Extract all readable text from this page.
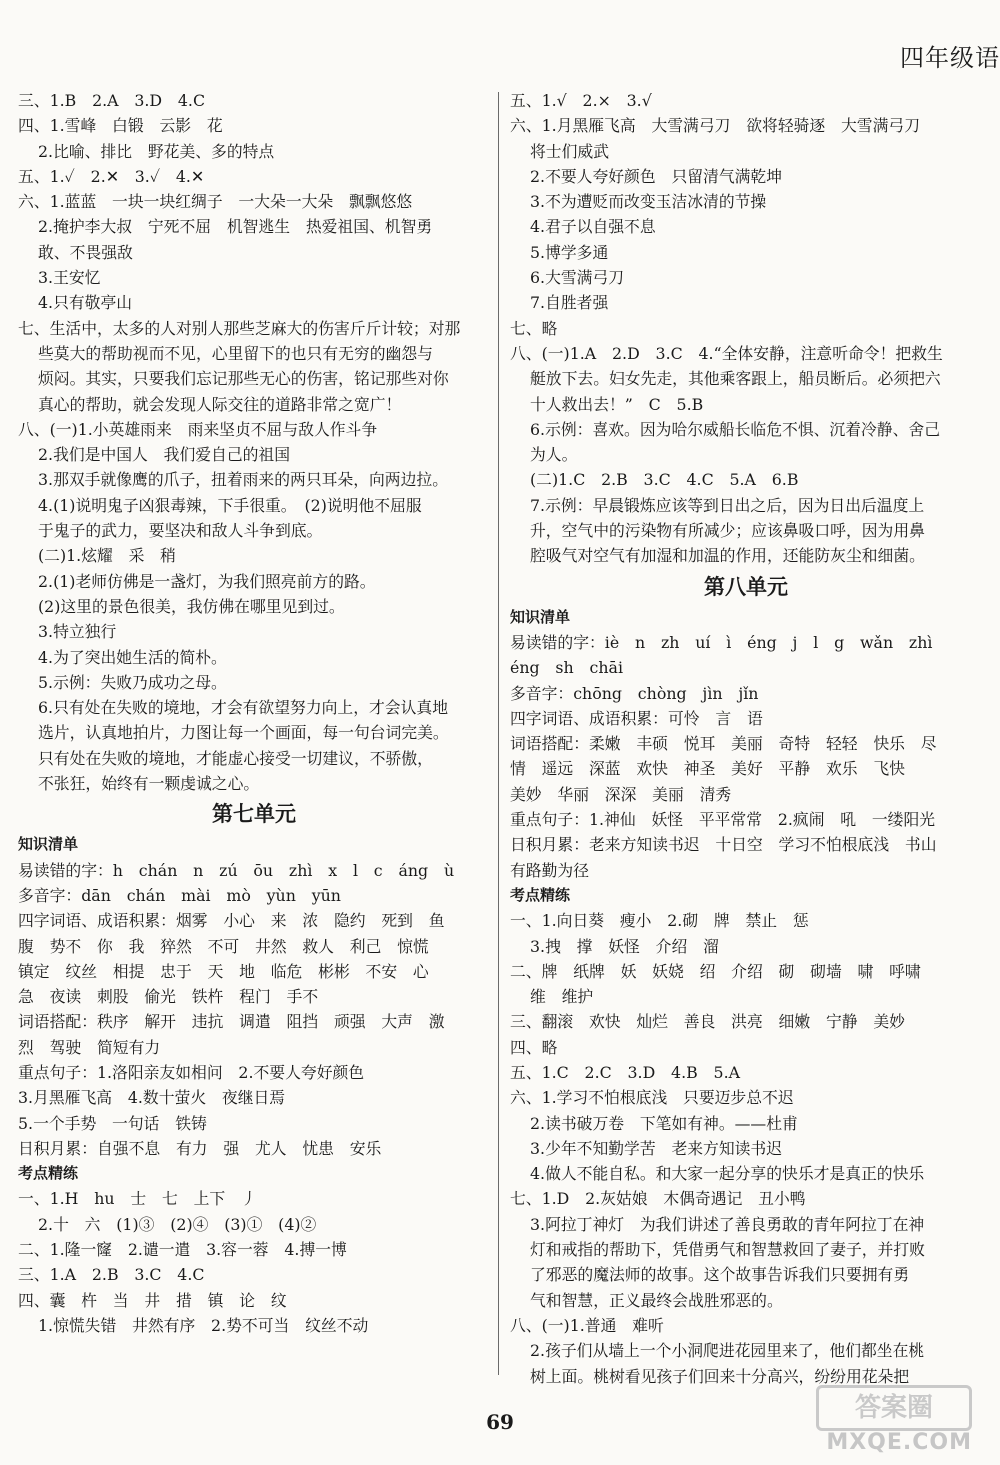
四年级语
三、1.B　2.A　3.D　4.C
四、1.雪峰　白锻　云影　花
2.比喻、排比　野花美、多的特点
五、1.✓　2.✕　3.✓　4.✕
六、1.蓝蓝　一块一块红绸子　一大朵一大朵　飘飘悠悠
2.掩护李大叔　宁死不屈　机智逃生　热爱祖国、机智勇
敢、不畏强敌
3.王安忆
4.只有敬亭山
七、生活中，太多的人对别人那些芝麻大的伤害斤斤计较；对那
些莫大的帮助视而不见，心里留下的也只有无穷的幽怨与
烦闷。其实，只要我们忘记那些无心的伤害，铭记那些对你
真心的帮助，就会发现人际交往的道路非常之宽广！
八、(一)1.小英雄雨来　雨来坚贞不屈与敌人作斗争
2.我们是中国人　我们爱自己的祖国
3.那双手就像鹰的爪子，扭着雨来的两只耳朵，向两边拉。
4.(1)说明鬼子凶狠毒辣，下手很重。　(2)说明他不屈服
于鬼子的武力，要坚决和敌人斗争到底。
(二)1.炫耀　采　稍
2.(1)老师仿佛是一盏灯，为我们照亮前方的路。
(2)这里的景色很美，我仿佛在哪里见到过。
3.特立独行
4.为了突出她生活的简朴。
5.示例：失败乃成功之母。
6.只有处在失败的境地，才会有欲望努力向上，才会认真地
选片，认真地拍片，力图让每一个画面，每一句台词完美。
只有处在失败的境地，才能虚心接受一切建议，不骄傲，
不张狂，始终有一颗虔诚之心。
第七单元
知识清单
易读错的字：h　chán　n　zú　ōu　zhì　x　l　c　áng　ù
多音字：dān　chán　mài　mò　yùn　yūn
四字词语、成语积累：烟雾　小心　来　浓　隐约　死到　鱼
腹　势不　你　我　猝然　不可　井然　救人　利己　惊慌
镇定　纹丝　相提　忠于　天　地　临危　彬彬　不安　心
急　夜读　刺股　偷光　铁杵　程门　手不
词语搭配：秩序　解开　违抗　调遣　阻挡　顽强　大声　激
烈　驾驶　简短有力
重点句子：1.洛阳亲友如相问　2.不要人夸好颜色
3.月黑雁飞高　4.数十萤火　夜继日焉
5.一个手势　一句话　铁铸
日积月累：自强不息　有力　强　尤人　忧患　安乐
考点精练
一、1.H　hu　士　七　上下　丿
2.十　六　(1)③　(2)④　(3)①　(4)②
二、1.隆一窿　2.谴一遣　3.容一蓉　4.搏一博
三、1.A　2.B　3.C　4.C
四、囊　杵　当　井　措　镇　论　纹
1.惊慌失错　井然有序　2.势不可当　纹丝不动
五、1.√　2.×　3.√
六、1.月黑雁飞高　大雪满弓刀　欲将轻骑逐　大雪满弓刀
将士们威武
2.不要人夸好颜色　只留清气满乾坤
3.不为遭贬而改变玉洁冰清的节操
4.君子以自强不息
5.博学多通
6.大雪满弓刀
7.自胜者强
七、略
八、(一)1.A　2.D　3.C　4.“全体安静，注意听命令！把救生
艇放下去。妇女先走，其他乘客跟上，船员断后。必须把六
十人救出去！”　C　5.B
6.示例：喜欢。因为哈尔威船长临危不惧、沉着冷静、舍己
为人。
(二)1.C　2.B　3.C　4.C　5.A　6.B
7.示例：早晨锻炼应该等到日出之后，因为日出后温度上
升，空气中的污染物有所减少；应该鼻吸口呼，因为用鼻
腔吸气对空气有加湿和加温的作用，还能防灰尘和细菌。
第八单元
知识清单
易读错的字：iè　n　zh　uí　ì　éng　j　l　g　wǎn　zhì
éng　sh　chāi
多音字：chōng　chòng　jìn　jǐn
四字词语、成语积累：可怜　言　语
词语搭配：柔嫩　丰硕　悦耳　美丽　奇特　轻轻　快乐　尽
情　遥远　深蓝　欢快　神圣　美好　平静　欢乐　飞快
美妙　华丽　深深　美丽　清秀
重点句子：1.神仙　妖怪　平平常常　2.疯闹　吼　一缕阳光
日积月累：老来方知读书迟　十日空　学习不怕根底浅　书山
有路勤为径
考点精练
一、1.向日葵　瘦小　2.砌　牌　禁止　惩
3.拽　撑　妖怪　介绍　溜
二、牌　纸牌　妖　妖娆　绍　介绍　砌　砌墙　啸　呼啸
维　维护
三、翻滚　欢快　灿烂　善良　洪亮　细嫩　宁静　美妙
四、略
五、1.C　2.C　3.D　4.B　5.A
六、1.学习不怕根底浅　只要迈步总不迟
2.读书破万卷　下笔如有神。——杜甫
3.少年不知勤学苦　老来方知读书迟
4.做人不能自私。和大家一起分享的快乐才是真正的快乐
七、1.D　2.灰姑娘　木偶奇遇记　丑小鸭
3.阿拉丁神灯　为我们讲述了善良勇敢的青年阿拉丁在神
灯和戒指的帮助下，凭借勇气和智慧救回了妻子，并打败
了邪恶的魔法师的故事。这个故事告诉我们只要拥有勇
气和智慧，正义最终会战胜邪恶的。
八、(一)1.普通　难听
2.孩子们从墙上一个小洞爬进花园里来了，他们都坐在桃
树上面。桃树看见孩子们回来十分高兴，纷纷用花朵把
69	答案圈
MXQE.COM
